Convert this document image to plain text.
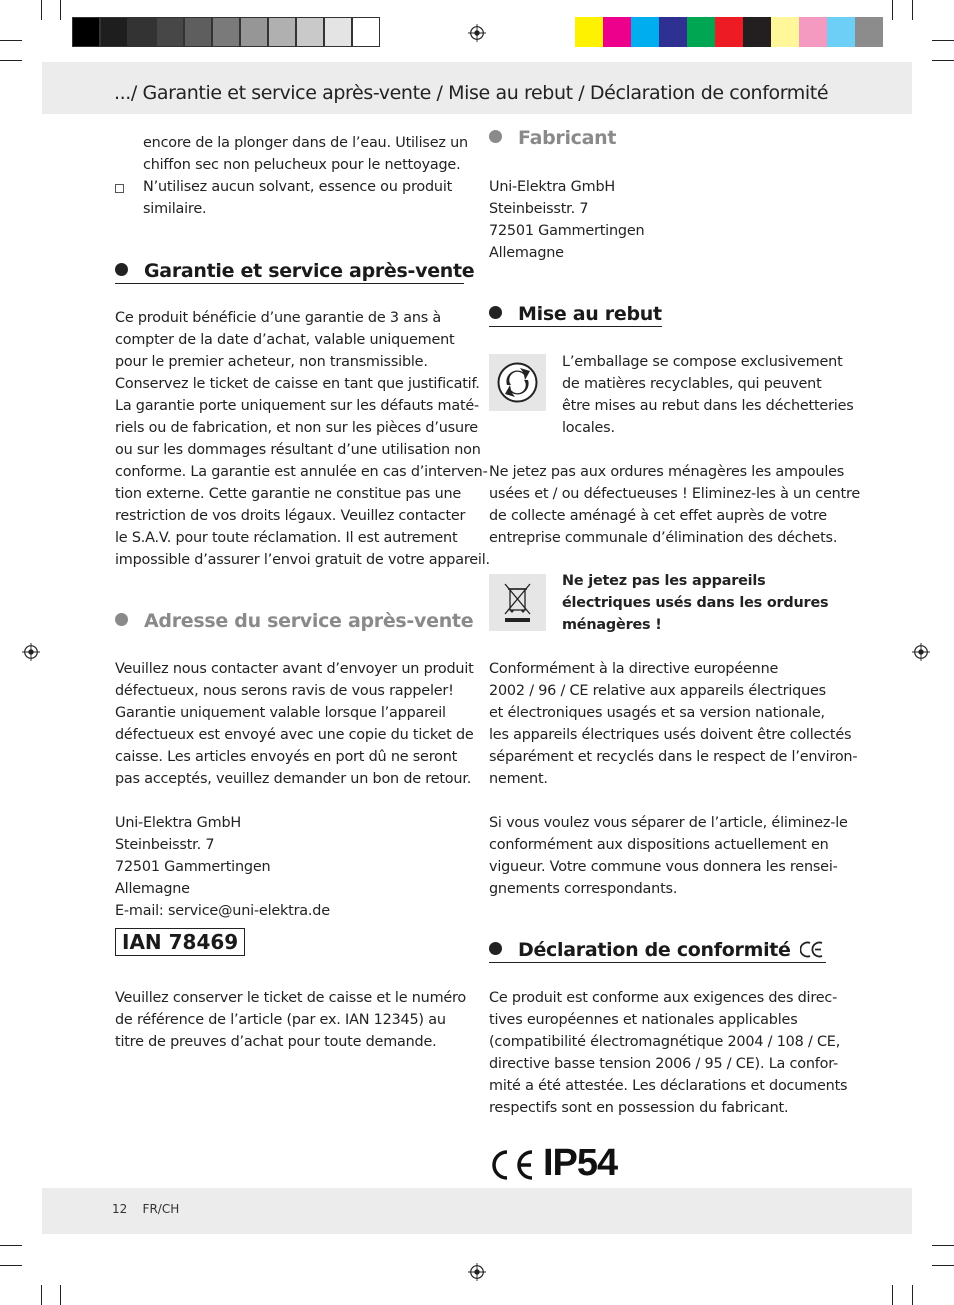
.../ Garantie et service après-vente / Mise au rebut / Déclaration de conformité
encore de la plonger dans de l’eau. Utilisez un
chiffon sec non pelucheux pour le nettoyage.
N’utilisez aucun solvant, essence ou produit
similaire.
Garantie et service après-vente
Ce produit bénéficie d’une garantie de 3 ans à
compter de la date d’achat, valable uniquement
pour le premier acheteur, non transmissible.
Conservez le ticket de caisse en tant que justificatif.
La garantie porte uniquement sur les défauts maté-
riels ou de fabrication, et non sur les pièces d’usure
ou sur les dommages résultant d’une utilisation non
conforme. La garantie est annulée en cas d’interven-
tion externe. Cette garantie ne constitue pas une
restriction de vos droits légaux. Veuillez contacter
le S.A.V. pour toute réclamation. Il est autrement
impossible d’assurer l’envoi gratuit de votre appareil.
Adresse du service après-vente
Veuillez nous contacter avant d’envoyer un produit
défectueux, nous serons ravis de vous rappeler!
Garantie uniquement valable lorsque l’appareil
défectueux est envoyé avec une copie du ticket de
caisse. Les articles envoyés en port dû ne seront
pas acceptés, veuillez demander un bon de retour.
Uni-Elektra GmbH
Steinbeisstr. 7
72501 Gammertingen
Allemagne
E-mail: service@uni-elektra.de
IAN 78469
Veuillez conserver le ticket de caisse et le numéro
de référence de l’article (par ex. IAN 12345) au
titre de preuves d’achat pour toute demande.
Fabricant
Uni-Elektra GmbH
Steinbeisstr. 7
72501 Gammertingen
Allemagne
Mise au rebut
L’emballage se compose exclusivement
de matières recyclables, qui peuvent
être mises au rebut dans les déchetteries
locales.
Ne jetez pas aux ordures ménagères les ampoules
usées et / ou défectueuses ! Eliminez-les à un centre
de collecte aménagé à cet effet auprès de votre
entreprise communale d’élimination des déchets.
Ne jetez pas les appareils
électriques usés dans les ordures
ménagères !
Conformément à la directive européenne
2002 / 96 / CE relative aux appareils électriques
et électroniques usagés et sa version nationale,
les appareils électriques usés doivent être collectés
séparément et recyclés dans le respect de l’environ-
nement.
Si vous voulez vous séparer de l’article, éliminez-le
conformément aux dispositions actuellement en
vigueur. Votre commune vous donnera les rensei-
gnements correspondants.
Déclaration de conformité
Ce produit est conforme aux exigences des direc-
tives européennes et nationales applicables
(compatibilité électromagnétique 2004 / 108 / CE,
directive basse tension 2006 / 95 / CE). La confor-
mité a été attestée. Les déclarations et documents
respectifs sont en possession du fabricant.
IP54
12 FR/CH
